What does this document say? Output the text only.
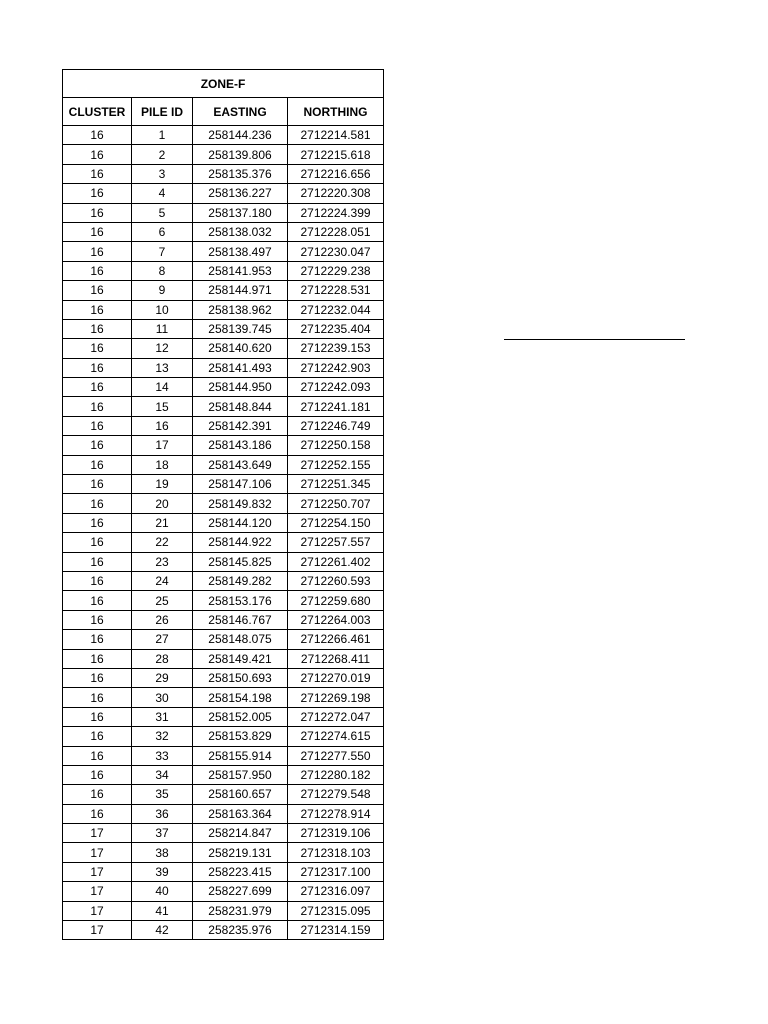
ZONE-F			
CLUSTER	PILE ID	EASTING	NORTHING
16	1	258144.236	2712214.581
16	2	258139.806	2712215.618
16	3	258135.376	2712216.656
16	4	258136.227	2712220.308
16	5	258137.180	2712224.399
16	6	258138.032	2712228.051
16	7	258138.497	2712230.047
16	8	258141.953	2712229.238
16	9	258144.971	2712228.531
16	10	258138.962	2712232.044
16	11	258139.745	2712235.404
16	12	258140.620	2712239.153
16	13	258141.493	2712242.903
16	14	258144.950	2712242.093
16	15	258148.844	2712241.181
16	16	258142.391	2712246.749
16	17	258143.186	2712250.158
16	18	258143.649	2712252.155
16	19	258147.106	2712251.345
16	20	258149.832	2712250.707
16	21	258144.120	2712254.150
16	22	258144.922	2712257.557
16	23	258145.825	2712261.402
16	24	258149.282	2712260.593
16	25	258153.176	2712259.680
16	26	258146.767	2712264.003
16	27	258148.075	2712266.461
16	28	258149.421	2712268.411
16	29	258150.693	2712270.019
16	30	258154.198	2712269.198
16	31	258152.005	2712272.047
16	32	258153.829	2712274.615
16	33	258155.914	2712277.550
16	34	258157.950	2712280.182
16	35	258160.657	2712279.548
16	36	258163.364	2712278.914
17	37	258214.847	2712319.106
17	38	258219.131	2712318.103
17	39	258223.415	2712317.100
17	40	258227.699	2712316.097
17	41	258231.979	2712315.095
17	42	258235.976	2712314.159
